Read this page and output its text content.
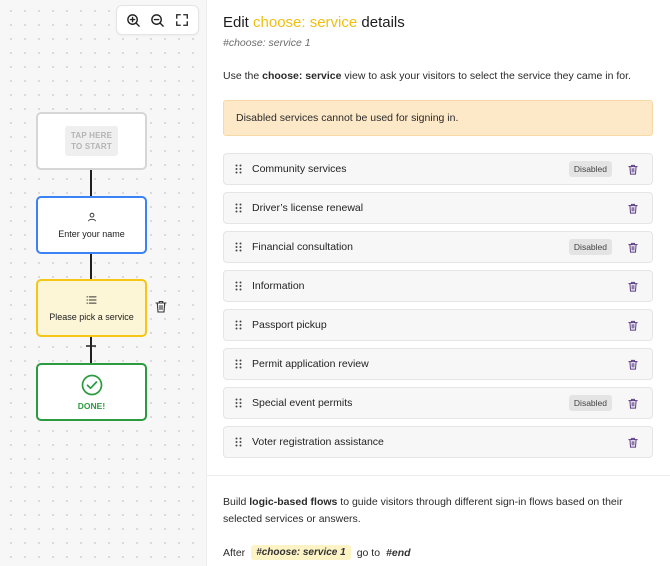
TAP HERE
TO START
Enter your name
Please pick a service
DONE!
Edit choose: service details
#choose: service 1

Use the choose: service view to ask your visitors to select the service they came in for.

Disabled services cannot be used for signing in.
Community services	Disabled
Driver’s license renewal
Financial consultation	Disabled
Information
Passport pickup
Permit application review
Special event permits	Disabled
Voter registration assistance

Build logic-based flows to guide visitors through different sign-in flows based on their selected services or answers.

After	#choose: service 1	go to #end
